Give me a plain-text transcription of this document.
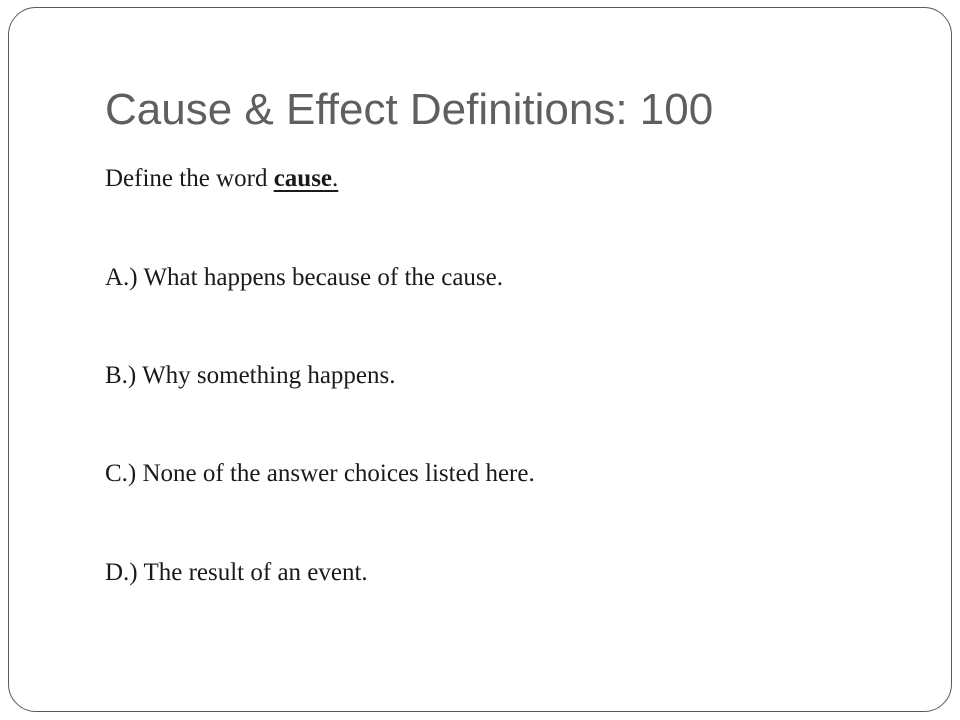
Cause & Effect Definitions: 100

Define the word cause.

A.) What happens because of the cause.

B.) Why something happens.

C.) None of the answer choices listed here.

D.) The result of an event.
